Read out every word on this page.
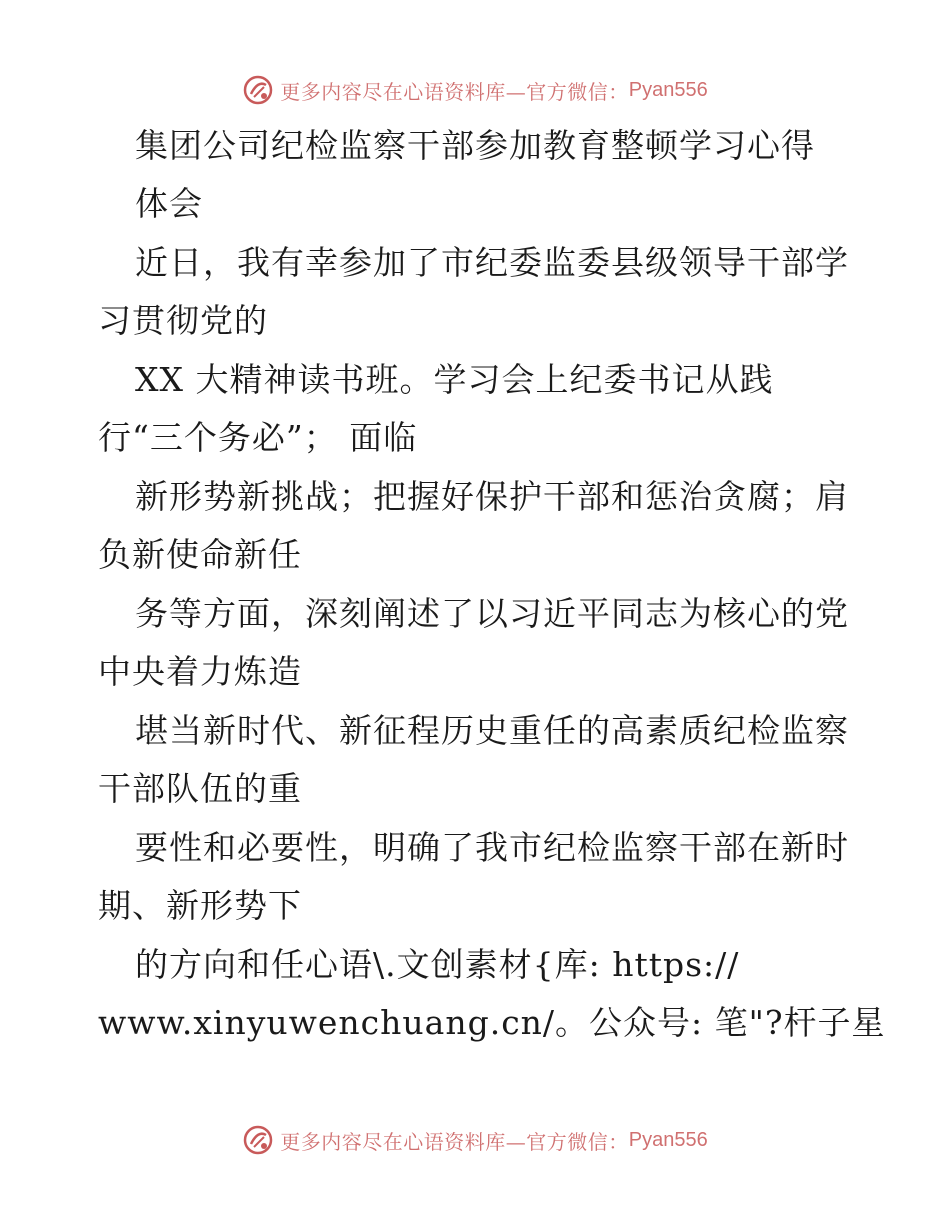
更多内容尽在心语资料库—官方微信： Pyan556
集团公司纪检监察干部参加教育整顿学习心得
体会
近日，我有幸参加了市纪委监委县级领导干部学
习贯彻党的
XX 大精神读书班。学习会上纪委书记从践
行“三个务必”； 面临
新形势新挑战；把握好保护干部和惩治贪腐；肩
负新使命新任
务等方面，深刻阐述了以习近平同志为核心的党
中央着力炼造
堪当新时代、新征程历史重任的高素质纪检监察
干部队伍的重
要性和必要性，明确了我市纪检监察干部在新时
期、新形势下
的方向和任心语\.文创素材{库: https://
www.xinyuwenchuang.cn/。公众号: 笔"?杆子星
更多内容尽在心语资料库—官方微信： Pyan556
